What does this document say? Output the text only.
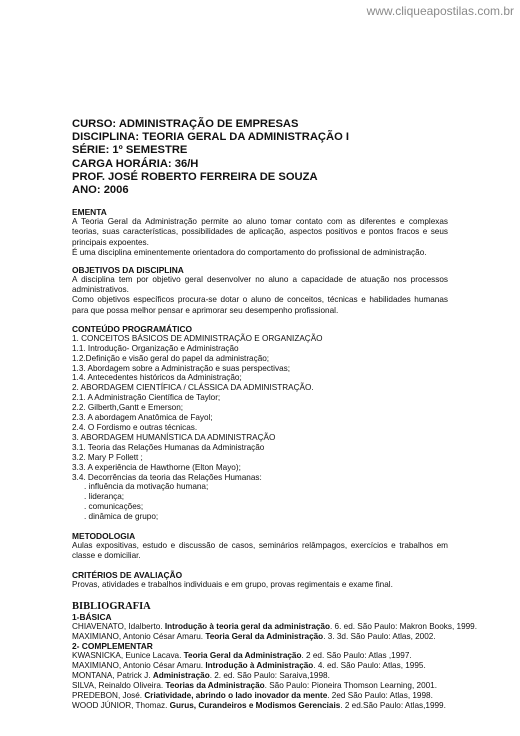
www.cliqueapostilas.com.br

CURSO: ADMINISTRAÇÃO DE EMPRESAS

DISCIPLINA: TEORIA GERAL DA ADMINISTRAÇÃO I

SÉRIE: 1º SEMESTRE

CARGA HORÁRIA: 36/H

PROF. JOSÉ ROBERTO FERREIRA DE SOUZA

ANO: 2006

EMENTA

A Teoria Geral da Administração permite ao aluno tomar contato com as diferentes e complexas teorias, suas características, possibilidades de aplicação, aspectos positivos e pontos fracos e seus principais expoentes.

É uma disciplina eminentemente orientadora do comportamento do profissional de administração.

OBJETIVOS DA DISCIPLINA

A disciplina tem por objetivo geral desenvolver no aluno a capacidade de atuação nos processos administrativos.

Como objetivos específicos procura-se dotar o aluno de conceitos, técnicas e habilidades humanas para que possa melhor pensar e aprimorar seu desempenho profissional.

CONTEÚDO PROGRAMÁTICO

1. CONCEITOS BÁSICOS DE ADMINISTRAÇÃO E ORGANIZAÇÃO

1.1. Introdução- Organização e Administração

1.2.Definição e visão geral do papel da administração;

1.3. Abordagem sobre a Administração e suas perspectivas;

1.4. Antecedentes históricos da Administração;

2. ABORDAGEM CIENTÍFICA / CLÁSSICA DA ADMINISTRAÇÃO.

2.1. A Administração Científica de Taylor;

2.2. Gilberth,Gantt e Emerson;

2.3. A abordagem Anatômica de Fayol;

2.4. O Fordismo e outras técnicas.

3. ABORDAGEM HUMANÍSTICA DA ADMINISTRAÇÃO

3.1. Teoria das Relações Humanas da Administração

3.2. Mary P Follett ;

3.3. A experiência de Hawthorne (Elton Mayo);

3.4. Decorrências da teoria das Relações Humanas:

. influência da motivação humana;

. liderança;

. comunicações;

. dinâmica de grupo;

METODOLOGIA

Aulas expositivas, estudo e discussão de casos, seminários relâmpagos, exercícios e trabalhos em classe e domiciliar.

CRITÉRIOS DE AVALIAÇÃO

Provas, atividades e trabalhos individuais e em grupo, provas regimentais e exame final.

BIBLIOGRAFIA

1-BÁSICA

CHIAVENATO, Idalberto. Introdução à teoria geral da administração. 6. ed. São Paulo: Makron Books, 1999.

MAXIMIANO, Antonio César Amaru. Teoria Geral da Administração. 3. 3d. São Paulo: Atlas, 2002.

2- COMPLEMENTAR

KWASNICKA, Eunice Lacava. Teoria Geral da Administração. 2 ed. São Paulo: Atlas ,1997.

MAXIMIANO, Antonio César Amaru. Introdução à Administração. 4. ed. São Paulo: Atlas, 1995.

MONTANA, Patrick J. Administração. 2. ed. São Paulo: Saraiva,1998.

SILVA, Reinaldo Oliveira. Teorias da Administração. São Paulo: Pioneira Thomson Learning, 2001.

PREDEBON, José. Criatividade, abrindo o lado inovador da mente. 2ed São Paulo: Atlas, 1998.

WOOD JÚNIOR, Thomaz. Gurus, Curandeiros e Modismos Gerenciais. 2 ed.São Paulo: Atlas,1999.
